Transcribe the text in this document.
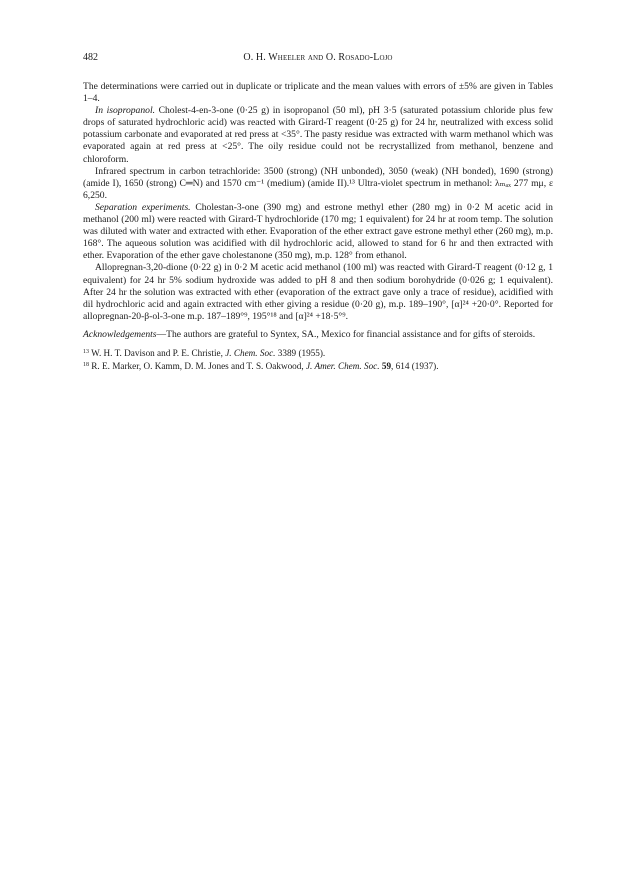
482	O. H. Wheeler and O. Rosado-Lojo

The determinations were carried out in duplicate or triplicate and the mean values with errors of ±5% are given in Tables 1–4.

In isopropanol. Cholest-4-en-3-one (0·25 g) in isopropanol (50 ml), pH 3·5 (saturated potassium chloride plus few drops of saturated hydrochloric acid) was reacted with Girard-T reagent (0·25 g) for 24 hr, neutralized with excess solid potassium carbonate and evaporated at red press at <35°. The pasty residue was extracted with warm methanol which was evaporated again at red press at <25°. The oily residue could not be recrystallized from methanol, benzene and chloroform.

Infrared spectrum in carbon tetrachloride: 3500 (strong) (NH unbonded), 3050 (weak) (NH bonded), 1690 (strong) (amide I), 1650 (strong) C═N) and 1570 cm⁻¹ (medium) (amide II).¹³ Ultra-violet spectrum in methanol: λₘₐₓ 277 mμ, ε 6,250.

Separation experiments. Cholestan-3-one (390 mg) and estrone methyl ether (280 mg) in 0·2 M acetic acid in methanol (200 ml) were reacted with Girard-T hydrochloride (170 mg; 1 equivalent) for 24 hr at room temp. The solution was diluted with water and extracted with ether. Evaporation of the ether extract gave estrone methyl ether (260 mg), m.p. 168°. The aqueous solution was acidified with dil hydrochloric acid, allowed to stand for 6 hr and then extracted with ether. Evaporation of the ether gave cholestanone (350 mg), m.p. 128° from ethanol.

Allopregnan-3,20-dione (0·22 g) in 0·2 M acetic acid methanol (100 ml) was reacted with Girard-T reagent (0·12 g, 1 equivalent) for 24 hr 5% sodium hydroxide was added to pH 8 and then sodium borohydride (0·026 g; 1 equivalent). After 24 hr the solution was extracted with ether (evaporation of the extract gave only a trace of residue), acidified with dil hydrochloric acid and again extracted with ether giving a residue (0·20 g), m.p. 189–190°, [α]²⁴ +20·0°. Reported for allopregnan-20-β-ol-3-one m.p. 187–189°⁹, 195°¹⁸ and [α]²⁴ +18·5°⁹.

Acknowledgements—The authors are grateful to Syntex, SA., Mexico for financial assistance and for gifts of steroids.

$^{13}$ W. H. T. Davison and P. E. Christie, J. Chem. Soc. 3389 (1955).

$^{18}$ R. E. Marker, O. Kamm, D. M. Jones and T. S. Oakwood, J. Amer. Chem. Soc. 59, 614 (1937).
